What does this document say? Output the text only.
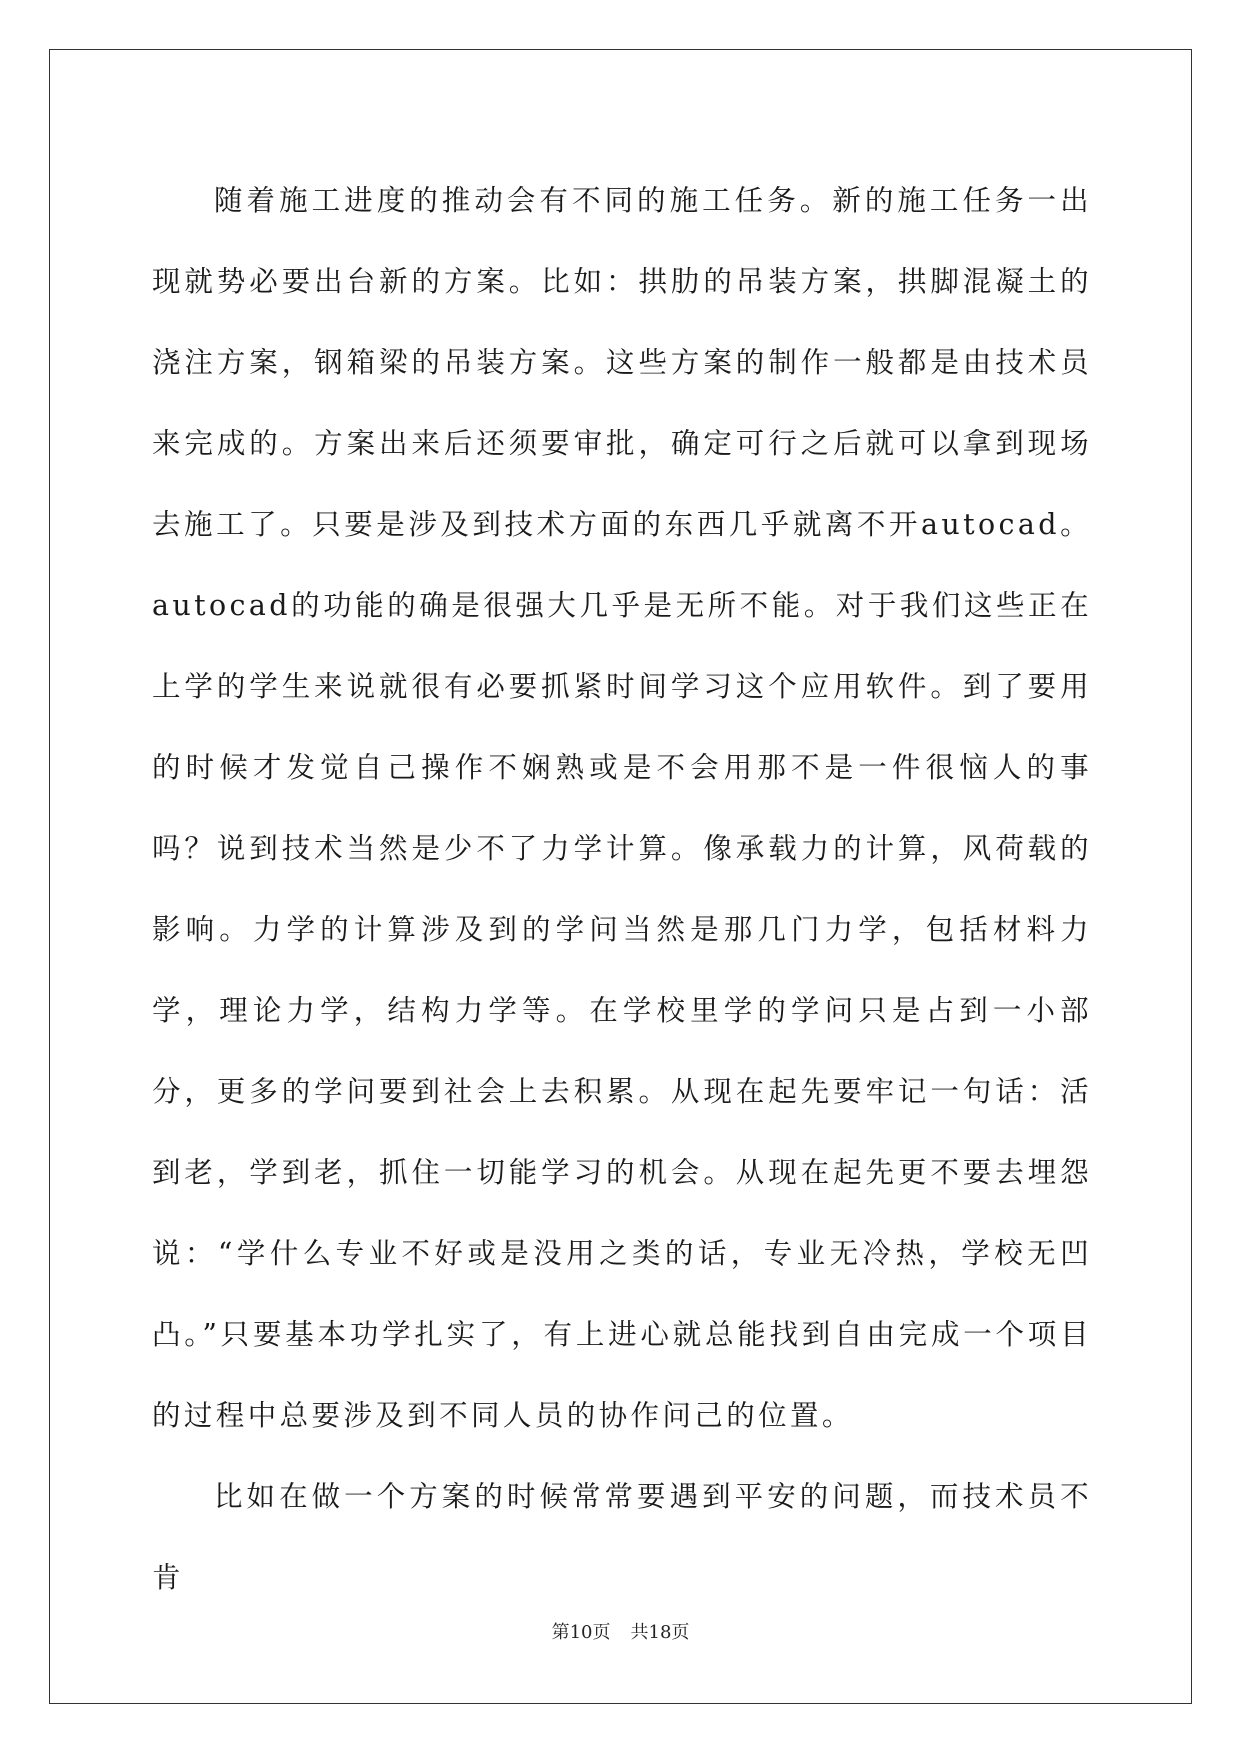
随着施工进度的推动会有不同的施工任务。新的施工任务一出现就势必要出台新的方案。比如：拱肋的吊装方案，拱脚混凝土的浇注方案，钢箱梁的吊装方案。这些方案的制作一般都是由技术员来完成的。方案出来后还须要审批，确定可行之后就可以拿到现场去施工了。只要是涉及到技术方面的东西几乎就离不开autocad。autocad的功能的确是很强大几乎是无所不能。对于我们这些正在上学的学生来说就很有必要抓紧时间学习这个应用软件。到了要用的时候才发觉自己操作不娴熟或是不会用那不是一件很恼人的事吗？说到技术当然是少不了力学计算。像承载力的计算，风荷载的影响。力学的计算涉及到的学问当然是那几门力学，包括材料力学，理论力学，结构力学等。在学校里学的学问只是占到一小部分，更多的学问要到社会上去积累。从现在起先要牢记一句话：活到老，学到老，抓住一切能学习的机会。从现在起先更不要去埋怨说：“学什么专业不好或是没用之类的话，专业无冷热，学校无凹凸。”只要基本功学扎实了，有上进心就总能找到自由完成一个项目的过程中总要涉及到不同人员的协作问己的位置。

比如在做一个方案的时候常常要遇到平安的问题，而技术员不肯

第10页 共18页
